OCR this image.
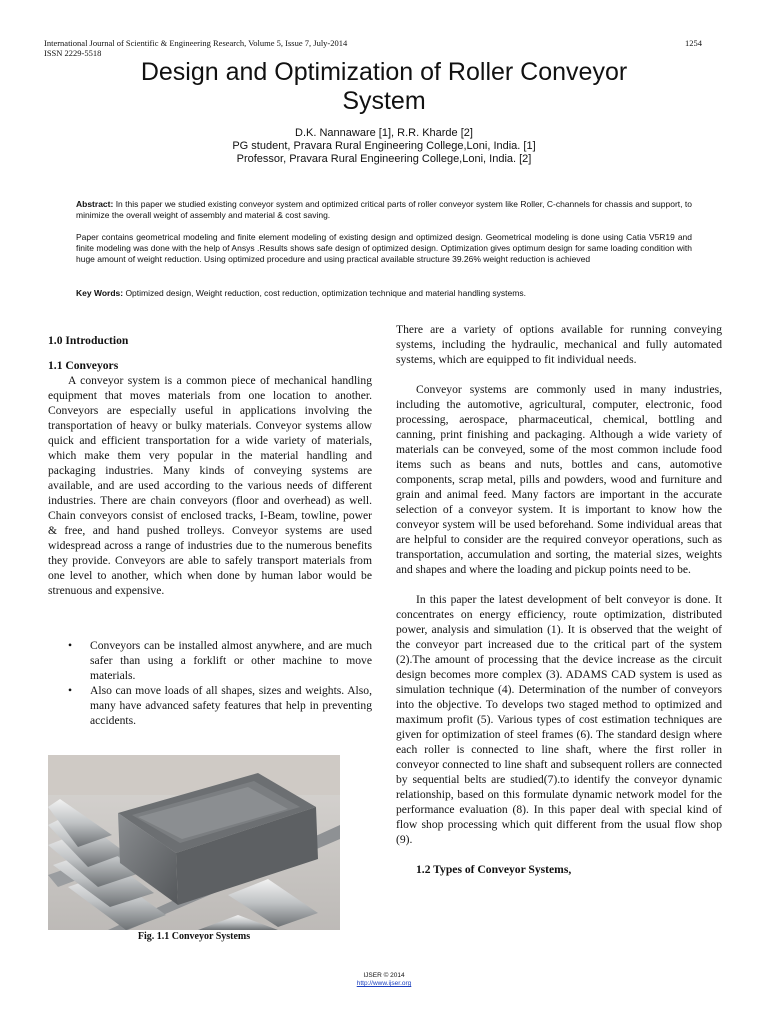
International Journal of Scientific & Engineering Research, Volume 5, Issue 7, July-2014	1254
ISSN 2229-5518
Design and Optimization of Roller Conveyor
System
D.K. Nannaware [1], R.R. Kharde [2]
PG student, Pravara Rural Engineering College,Loni, India. [1]
Professor, Pravara Rural Engineering College,Loni, India. [2]
Abstract: In this paper we studied existing conveyor system and optimized critical parts of roller conveyor system like Roller, C-channels for chassis and support, to minimize the overall weight of assembly and material & cost saving.
Paper contains geometrical modeling and finite element modeling of existing design and optimized design. Geometrical modeling is done using Catia V5R19 and finite modeling was done with the help of Ansys .Results shows safe design of optimized design. Optimization gives optimum design for same loading condition with huge amount of weight reduction. Using optimized procedure and using practical available structure 39.26% weight reduction is achieved
Key Words: Optimized design, Weight reduction, cost reduction, optimization technique and material handling systems.
1.0 Introduction
1.1 Conveyors

A conveyor system is a common piece of mechanical handling equipment that moves materials from one location to another. Conveyors are especially useful in applications involving the transportation of heavy or bulky materials. Conveyor systems allow quick and efficient transportation for a wide variety of materials, which make them very popular in the material handling and packaging industries. Many kinds of conveying systems are available, and are used according to the various needs of different industries. There are chain conveyors (floor and overhead) as well. Chain conveyors consist of enclosed tracks, I-Beam, towline, power & free, and hand pushed trolleys. Conveyor systems are used widespread across a range of industries due to the numerous benefits they provide. Conveyors are able to safely transport materials from one level to another, which when done by human labor would be strenuous and expensive.

• Conveyors can be installed almost anywhere, and are much safer than using a forklift or other machine to move materials.
• Also can move loads of all shapes, sizes and weights. Also, many have advanced safety features that help in preventing accidents.
Fig. 1.1 Conveyor Systems

There are a variety of options available for running conveying systems, including the hydraulic, mechanical and fully automated systems, which are equipped to fit individual needs.

Conveyor systems are commonly used in many industries, including the automotive, agricultural, computer, electronic, food processing, aerospace, pharmaceutical, chemical, bottling and canning, print finishing and packaging. Although a wide variety of materials can be conveyed, some of the most common include food items such as beans and nuts, bottles and cans, automotive components, scrap metal, pills and powders, wood and furniture and grain and animal feed. Many factors are important in the accurate selection of a conveyor system. It is important to know how the conveyor system will be used beforehand. Some individual areas that are helpful to consider are the required conveyor operations, such as transportation, accumulation and sorting, the material sizes, weights and shapes and where the loading and pickup points need to be.

In this paper the latest development of belt conveyor is done. It concentrates on energy efficiency, route optimization, distributed power, analysis and simulation (1). It is observed that the weight of the conveyor part increased due to the critical part of the system (2).The amount of processing that the device increase as the circuit design becomes more complex (3). ADAMS CAD system is used as simulation technique (4). Determination of the number of conveyors into the objective. To develops two staged method to optimized and maximum profit (5). Various types of cost estimation techniques are given for optimization of steel frames (6). The standard design where each roller is connected to line shaft, where the first roller in conveyor connected to line shaft and subsequent rollers are connected by sequential belts are studied(7).to identify the conveyor dynamic relationship, based on this formulate dynamic network model for the performance evaluation (8). In this paper deal with special kind of flow shop processing which quit different from the usual flow shop (9).

1.2 Types of Conveyor Systems,

IJSER © 2014
http://www.ijser.org
